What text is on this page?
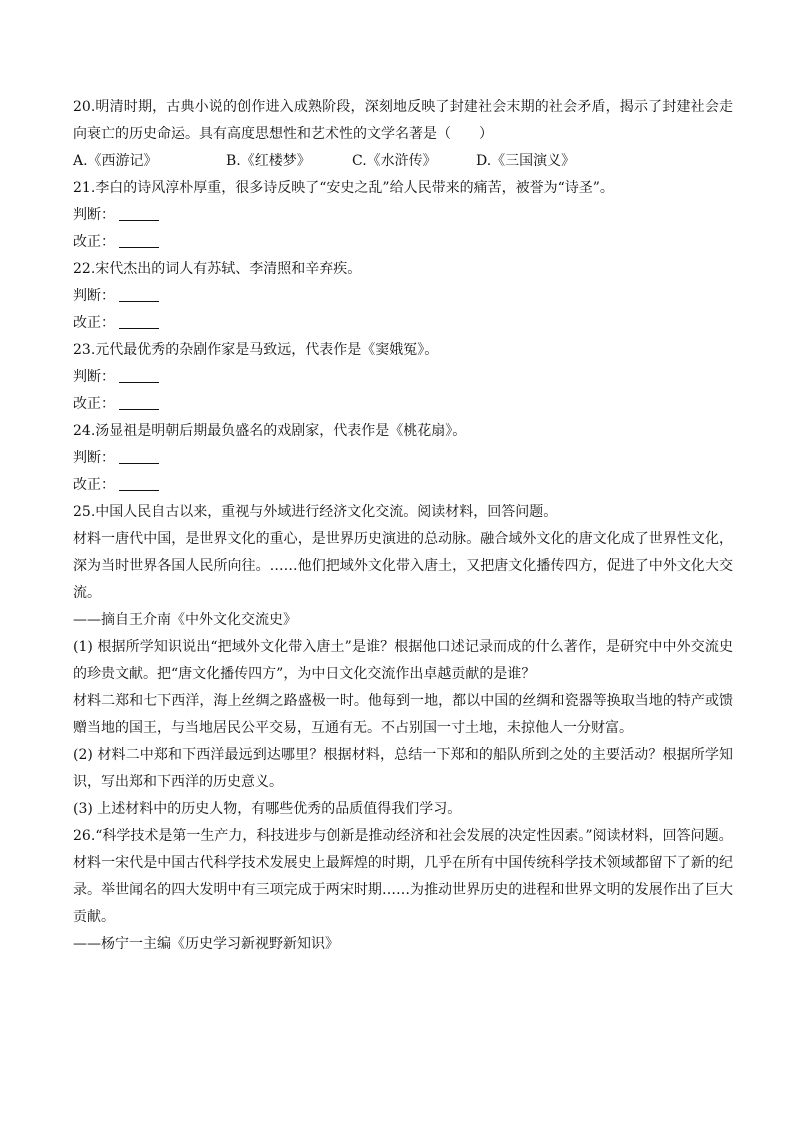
20.明清时期，古典小说的创作进入成熟阶段，深刻地反映了封建社会末期的社会矛盾，揭示了封建社会走向衰亡的历史命运。具有高度思想性和艺术性的文学名著是（　　）

A.《西游记》	B.《红楼梦》	C.《水浒传》	D.《三国演义》

21.李白的诗风淳朴厚重，很多诗反映了“安史之乱”给人民带来的痛苦，被誉为“诗圣”。

判断：

改正：

22.宋代杰出的词人有苏轼、李清照和辛弃疾。

判断：

改正：

23.元代最优秀的杂剧作家是马致远，代表作是《窦娥冤》。

判断：

改正：

24.汤显祖是明朝后期最负盛名的戏剧家，代表作是《桃花扇》。

判断：

改正：

25.中国人民自古以来，重视与外域进行经济文化交流。阅读材料，回答问题。

材料一唐代中国，是世界文化的重心，是世界历史演进的总动脉。融合域外文化的唐文化成了世界性文化，深为当时世界各国人民所向往。……他们把域外文化带入唐土，又把唐文化播传四方，促进了中外文化大交流。

——摘自王介南《中外文化交流史》

(1) 根据所学知识说出“把域外文化带入唐土”是谁？根据他口述记录而成的什么著作，是研究中中外交流史的珍贵文献。把“唐文化播传四方”，为中日文化交流作出卓越贡献的是谁？

材料二郑和七下西洋，海上丝绸之路盛极一时。他每到一地，都以中国的丝绸和瓷器等换取当地的特产或馈赠当地的国王，与当地居民公平交易，互通有无。不占别国一寸土地，未掠他人一分财富。

(2) 材料二中郑和下西洋最远到达哪里？根据材料，总结一下郑和的船队所到之处的主要活动？根据所学知识，写出郑和下西洋的历史意义。

(3) 上述材料中的历史人物，有哪些优秀的品质值得我们学习。

26.“科学技术是第一生产力，科技进步与创新是推动经济和社会发展的决定性因素。”阅读材料，回答问题。

材料一宋代是中国古代科学技术发展史上最辉煌的时期，几乎在所有中国传统科学技术领域都留下了新的纪录。举世闻名的四大发明中有三项完成于两宋时期……为推动世界历史的进程和世界文明的发展作出了巨大贡献。

——杨宁一主编《历史学习新视野新知识》
